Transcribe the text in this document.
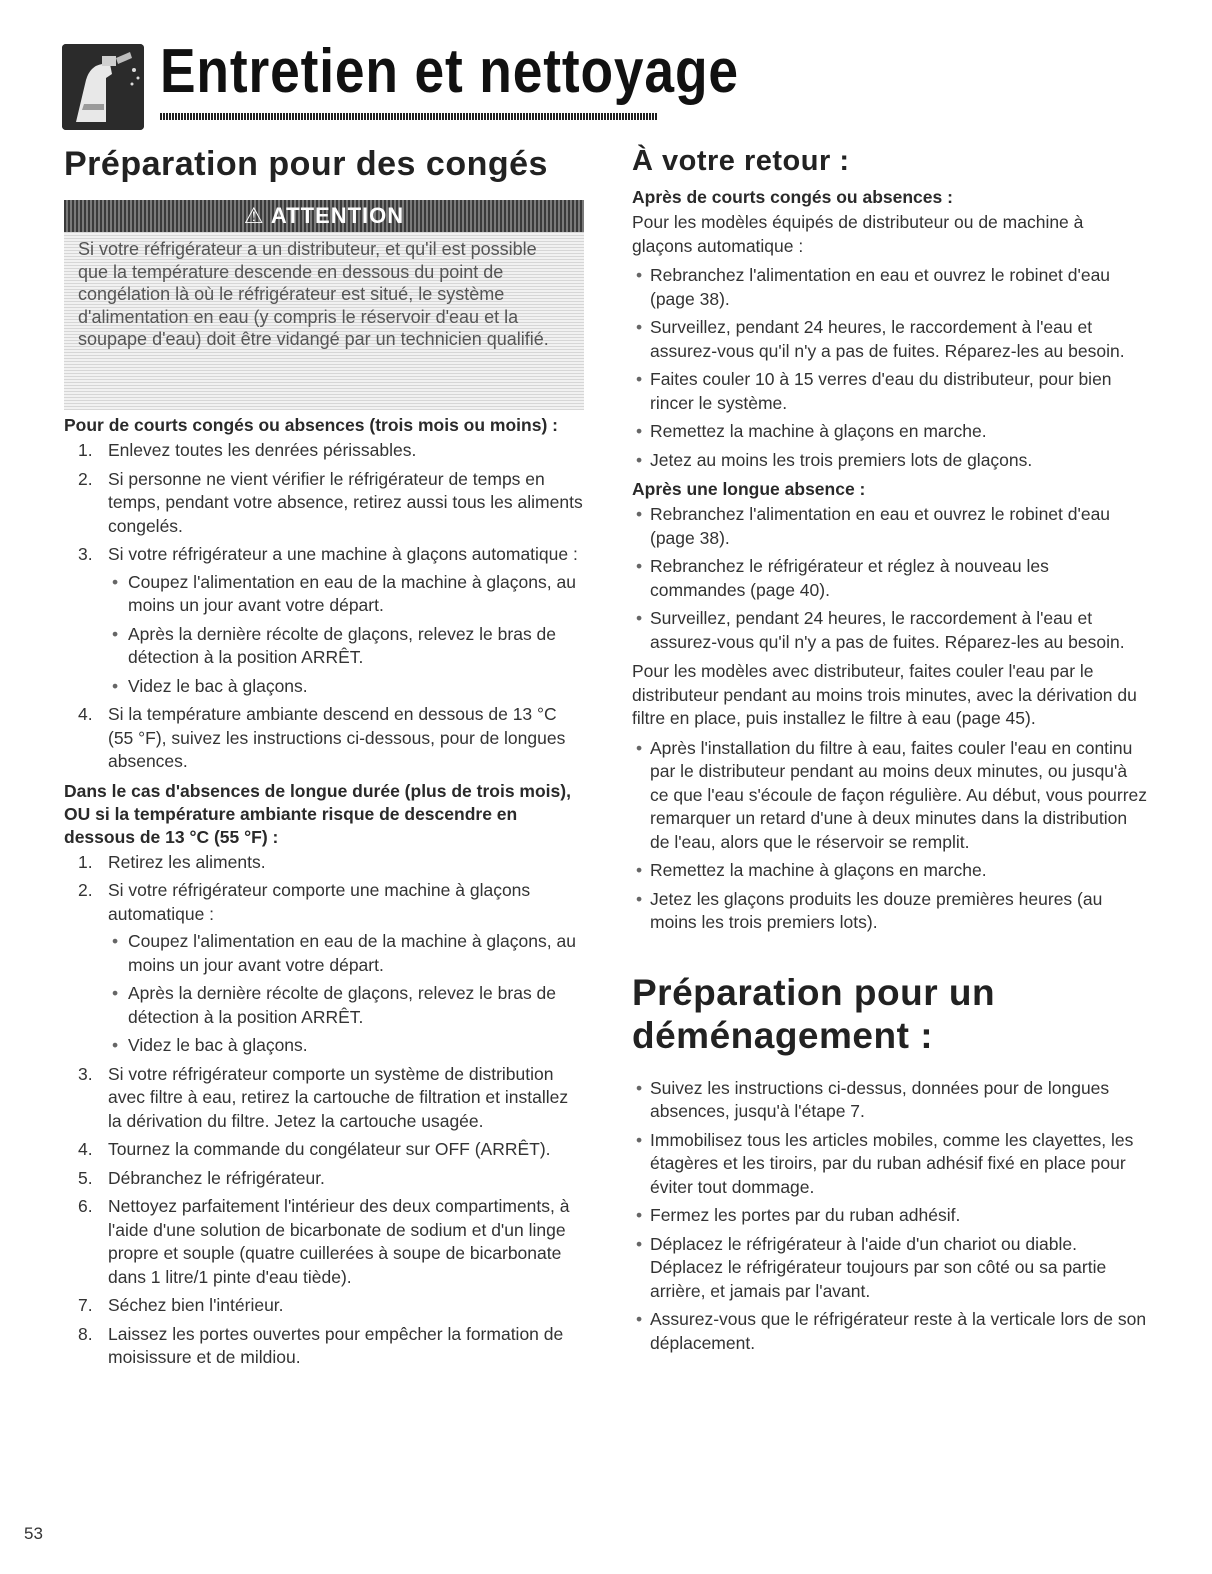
Entretien et nettoyage
Préparation pour des congés
⚠ ATTENTION
Si votre réfrigérateur a un distributeur, et qu'il est possible que la température descende en dessous du point de congélation là où le réfrigérateur est situé, le système d'alimentation en eau (y compris le réservoir d'eau et la soupape d'eau) doit être vidangé par un technicien qualifié.
Pour de courts congés ou absences (trois mois ou moins) :
1. Enlevez toutes les denrées périssables.
2. Si personne ne vient vérifier le réfrigérateur de temps en temps, pendant votre absence, retirez aussi tous les aliments congelés.
3. Si votre réfrigérateur a une machine à glaçons automatique :
• Coupez l'alimentation en eau de la machine à glaçons, au moins un jour avant votre départ.
• Après la dernière récolte de glaçons, relevez le bras de détection à la position ARRÊT.
• Videz le bac à glaçons.
4. Si la température ambiante descend en dessous de 13 °C (55 °F), suivez les instructions ci-dessous, pour de longues absences.
Dans le cas d'absences de longue durée (plus de trois mois), OU si la température ambiante risque de descendre en dessous de 13 °C (55 °F) :
1. Retirez les aliments.
2. Si votre réfrigérateur comporte une machine à glaçons automatique :
• Coupez l'alimentation en eau de la machine à glaçons, au moins un jour avant votre départ.
• Après la dernière récolte de glaçons, relevez le bras de détection à la position ARRÊT.
• Videz le bac à glaçons.
3. Si votre réfrigérateur comporte un système de distribution avec filtre à eau, retirez la cartouche de filtration et installez la dérivation du filtre. Jetez la cartouche usagée.
4. Tournez la commande du congélateur sur OFF (ARRÊT).
5. Débranchez le réfrigérateur.
6. Nettoyez parfaitement l'intérieur des deux compartiments, à l'aide d'une solution de bicarbonate de sodium et d'un linge propre et souple (quatre cuillerées à soupe de bicarbonate dans 1 litre/1 pinte d'eau tiède).
7. Séchez bien l'intérieur.
8. Laissez les portes ouvertes pour empêcher la formation de moisissure et de mildiou.
À votre retour :
Après de courts congés ou absences :

Pour les modèles équipés de distributeur ou de machine à glaçons automatique :

• Rebranchez l'alimentation en eau et ouvrez le robinet d'eau (page 38).
• Surveillez, pendant 24 heures, le raccordement à l'eau et assurez-vous qu'il n'y a pas de fuites. Réparez-les au besoin.
• Faites couler 10 à 15 verres d'eau du distributeur, pour bien rincer le système.
• Remettez la machine à glaçons en marche.
• Jetez au moins les trois premiers lots de glaçons.
Après une longue absence :
• Rebranchez l'alimentation en eau et ouvrez le robinet d'eau (page 38).
• Rebranchez le réfrigérateur et réglez à nouveau les commandes (page 40).
• Surveillez, pendant 24 heures, le raccordement à l'eau et assurez-vous qu'il n'y a pas de fuites. Réparez-les au besoin.

Pour les modèles avec distributeur, faites couler l'eau par le distributeur pendant au moins trois minutes, avec la dérivation du filtre en place, puis installez le filtre à eau (page 45).

• Après l'installation du filtre à eau, faites couler l'eau en continu par le distributeur pendant au moins deux minutes, ou jusqu'à ce que l'eau s'écoule de façon régulière. Au début, vous pourrez remarquer un retard d'une à deux minutes dans la distribution de l'eau, alors que le réservoir se remplit.
• Remettez la machine à glaçons en marche.
• Jetez les glaçons produits les douze premières heures (au moins les trois premiers lots).
Préparation pour un déménagement :
• Suivez les instructions ci-dessus, données pour de longues absences, jusqu'à l'étape 7.
• Immobilisez tous les articles mobiles, comme les clayettes, les étagères et les tiroirs, par du ruban adhésif fixé en place pour éviter tout dommage.
• Fermez les portes par du ruban adhésif.
• Déplacez le réfrigérateur à l'aide d'un chariot ou diable. Déplacez le réfrigérateur toujours par son côté ou sa partie arrière, et jamais par l'avant.
• Assurez-vous que le réfrigérateur reste à la verticale lors de son déplacement.
53
